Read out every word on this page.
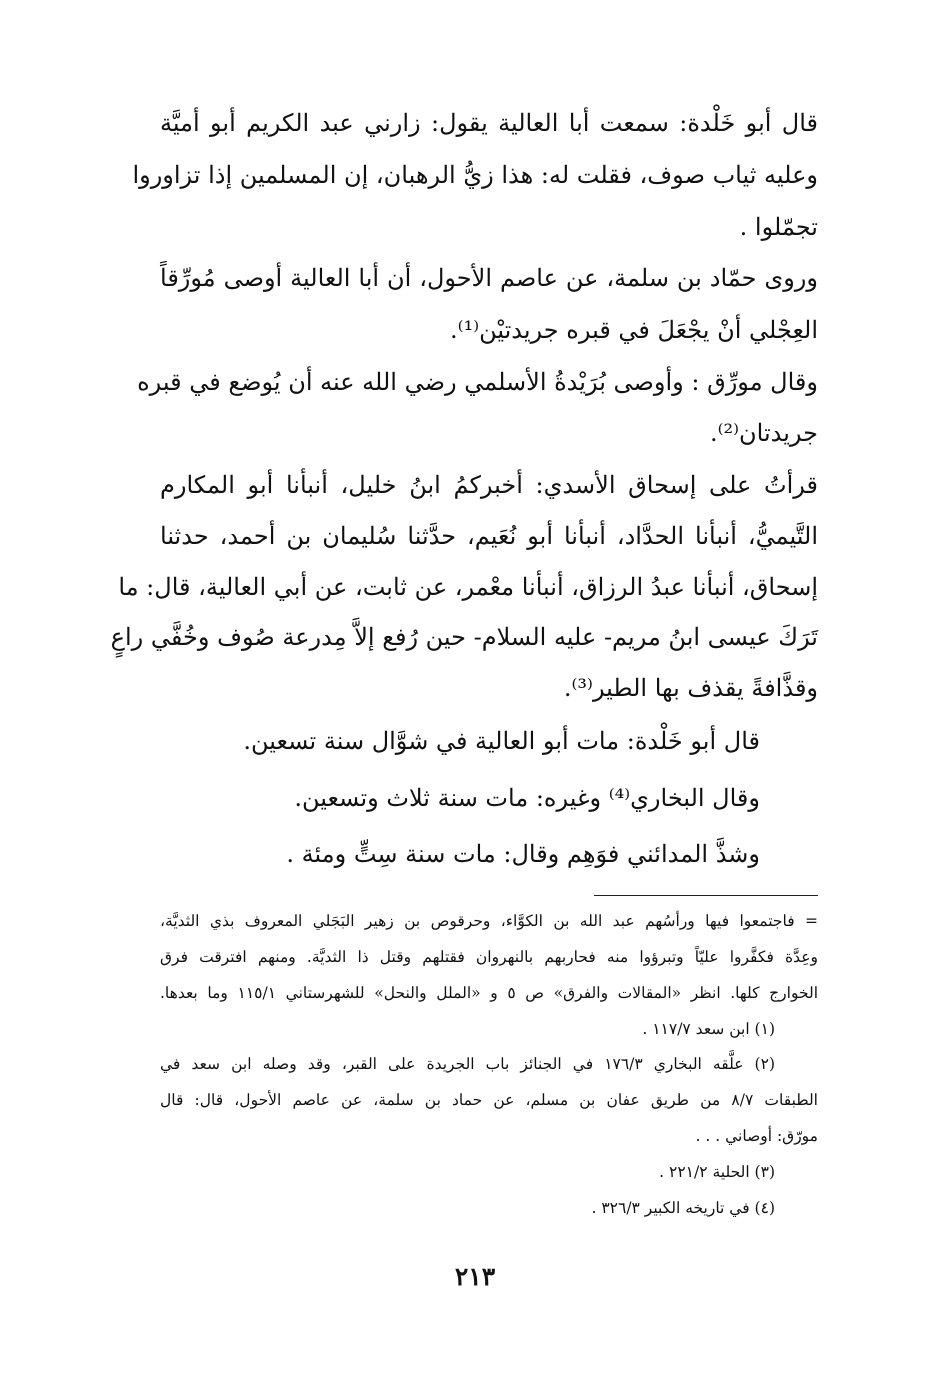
قال أبو خَلْدة: سمعت أبا العالية يقول: زارني عبد الكريم أبو أميَّة
وعليه ثياب صوف، فقلت له: هذا زيُّ الرهبان، إن المسلمين إذا تزاوروا
تجمّلوا .
وروى حمّاد بن سلمة، عن عاصم الأحول، أن أبا العالية أوصى مُورِّقاً
العِجْلي أنْ يجْعَلَ في قبره جريدتيْن⁽¹⁾.
وقال مورِّق : وأوصى بُرَيْدةُ الأسلمي رضي الله عنه أن يُوضع في قبره
جريدتان⁽²⁾.
قرأتُ على إسحاق الأسدي: أخبركمُ ابنُ خليل، أنبأنا أبو المكارم
التَّيميُّ، أنبأنا الحدَّاد، أنبأنا أبو نُعَيم، حدَّثنا سُليمان بن أحمد، حدثنا
إسحاق، أنبأنا عبدُ الرزاق، أنبأنا معْمر، عن ثابت، عن أبي العالية، قال: ما
تَرَكَ عيسى ابنُ مريم- عليه السلام- حين رُفع إلاَّ مِدرعة صُوف وخُفَّي راعٍ
وقذَّافةً يقذف بها الطير⁽³⁾.
قال أبو خَلْدة: مات أبو العالية في شوَّال سنة تسعين.
وقال البخاري⁽⁴⁾ وغيره: مات سنة ثلاث وتسعين.
وشذَّ المدائني فوَهِم وقال: مات سنة سِتٍّ ومئة .
= فاجتمعوا فيها ورأسُهم عبد الله بن الكوَّاء، وحرقوص بن زهير البَجَلي المعروف بذي الثديَّة،
وعِدَّة فكفَّروا عليّاً وتبرؤوا منه فحاربهم بالنهروان فقتلهم وقتل ذا الثديَّة. ومنهم افترقت فرق
الخوارج كلها. انظر «المقالات والفرق» ص ٥ و «الملل والنحل» للشهرستاني ١١٥/١ وما بعدها.
(١) ابن سعد ١١٧/٧ .
(٢) علَّقه البخاري ١٧٦/٣ في الجنائز باب الجريدة على القبر، وقد وصله ابن سعد في
الطبقات ٨/٧ من طريق عفان بن مسلم، عن حماد بن سلمة، عن عاصم الأحول، قال: قال
مورّق: أوصاني . . .
(٣) الحلية ٢٢١/٢ .
(٤) في تاريخه الكبير ٣٢٦/٣ .
٢١٣
